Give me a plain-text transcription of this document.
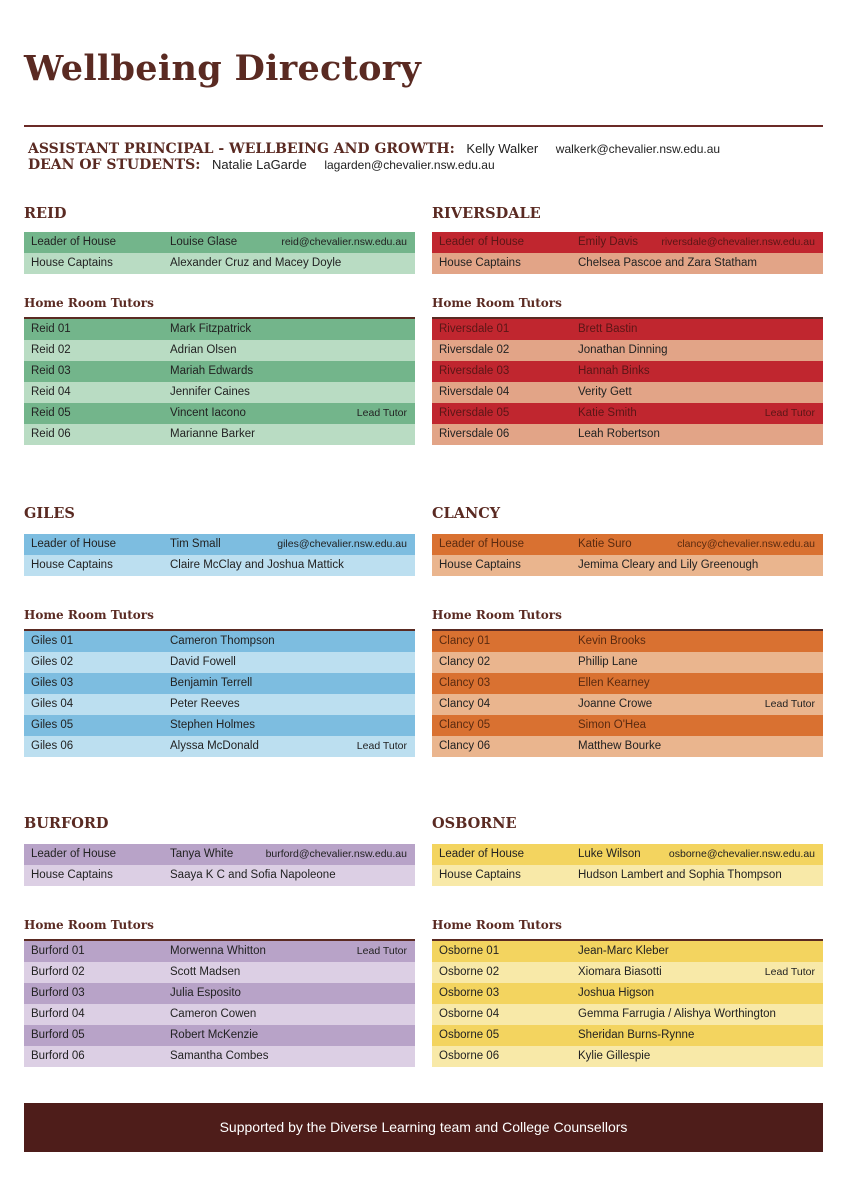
Wellbeing Directory
ASSISTANT PRINCIPAL - WELLBEING AND GROWTH: Kelly Walker walkerk@chevalier.nsw.edu.au
DEAN OF STUDENTS: Natalie LaGarde lagarden@chevalier.nsw.edu.au
REID
Leader of House	Louise Glase	reid@chevalier.nsw.edu.au
House Captains	Alexander Cruz and Macey Doyle
Home Room Tutors
Reid 01	Mark Fitzpatrick
Reid 02	Adrian Olsen
Reid 03	Mariah Edwards
Reid 04	Jennifer Caines
Reid 05	Vincent Iacono	Lead Tutor
Reid 06	Marianne Barker
RIVERSDALE
Leader of House	Emily Davis riversdale@chevalier.nsw.edu.au
House Captains	Chelsea Pascoe and Zara Statham
Home Room Tutors
Riversdale 01	Brett Bastin
Riversdale 02	Jonathan Dinning
Riversdale 03	Hannah Binks
Riversdale 04	Verity Gett
Riversdale 05	Katie Smith	Lead Tutor
Riversdale 06	Leah Robertson
GILES
Leader of House	Tim Small	giles@chevalier.nsw.edu.au
House Captains	Claire McClay and Joshua Mattick
Home Room Tutors
Giles 01	Cameron Thompson
Giles 02	David Fowell
Giles 03	Benjamin Terrell
Giles 04	Peter Reeves
Giles 05	Stephen Holmes
Giles 06	Alyssa McDonald	Lead Tutor
CLANCY
Leader of House	Katie Suro	clancy@chevalier.nsw.edu.au
House Captains	Jemima Cleary and Lily Greenough
Home Room Tutors
Clancy 01	Kevin Brooks
Clancy 02	Phillip Lane
Clancy 03	Ellen Kearney
Clancy 04	Joanne Crowe	Lead Tutor
Clancy 05	Simon O'Hea
Clancy 06	Matthew Bourke
BURFORD
Leader of House	Tanya White	burford@chevalier.nsw.edu.au
House Captains	Saaya K C and Sofia Napoleone
Home Room Tutors
Burford 01	Morwenna Whitton	Lead Tutor
Burford 02	Scott Madsen
Burford 03	Julia Esposito
Burford 04	Cameron Cowen
Burford 05	Robert McKenzie
Burford 06	Samantha Combes
OSBORNE
Leader of House	Luke Wilson	osborne@chevalier.nsw.edu.au
House Captains	Hudson Lambert and Sophia Thompson
Home Room Tutors
Osborne 01	Jean-Marc Kleber
Osborne 02	Xiomara Biasotti	Lead Tutor
Osborne 03	Joshua Higson
Osborne 04	Gemma Farrugia / Alishya Worthington
Osborne 05	Sheridan Burns-Rynne
Osborne 06	Kylie Gillespie
Supported by the Diverse Learning team and College Counsellors
